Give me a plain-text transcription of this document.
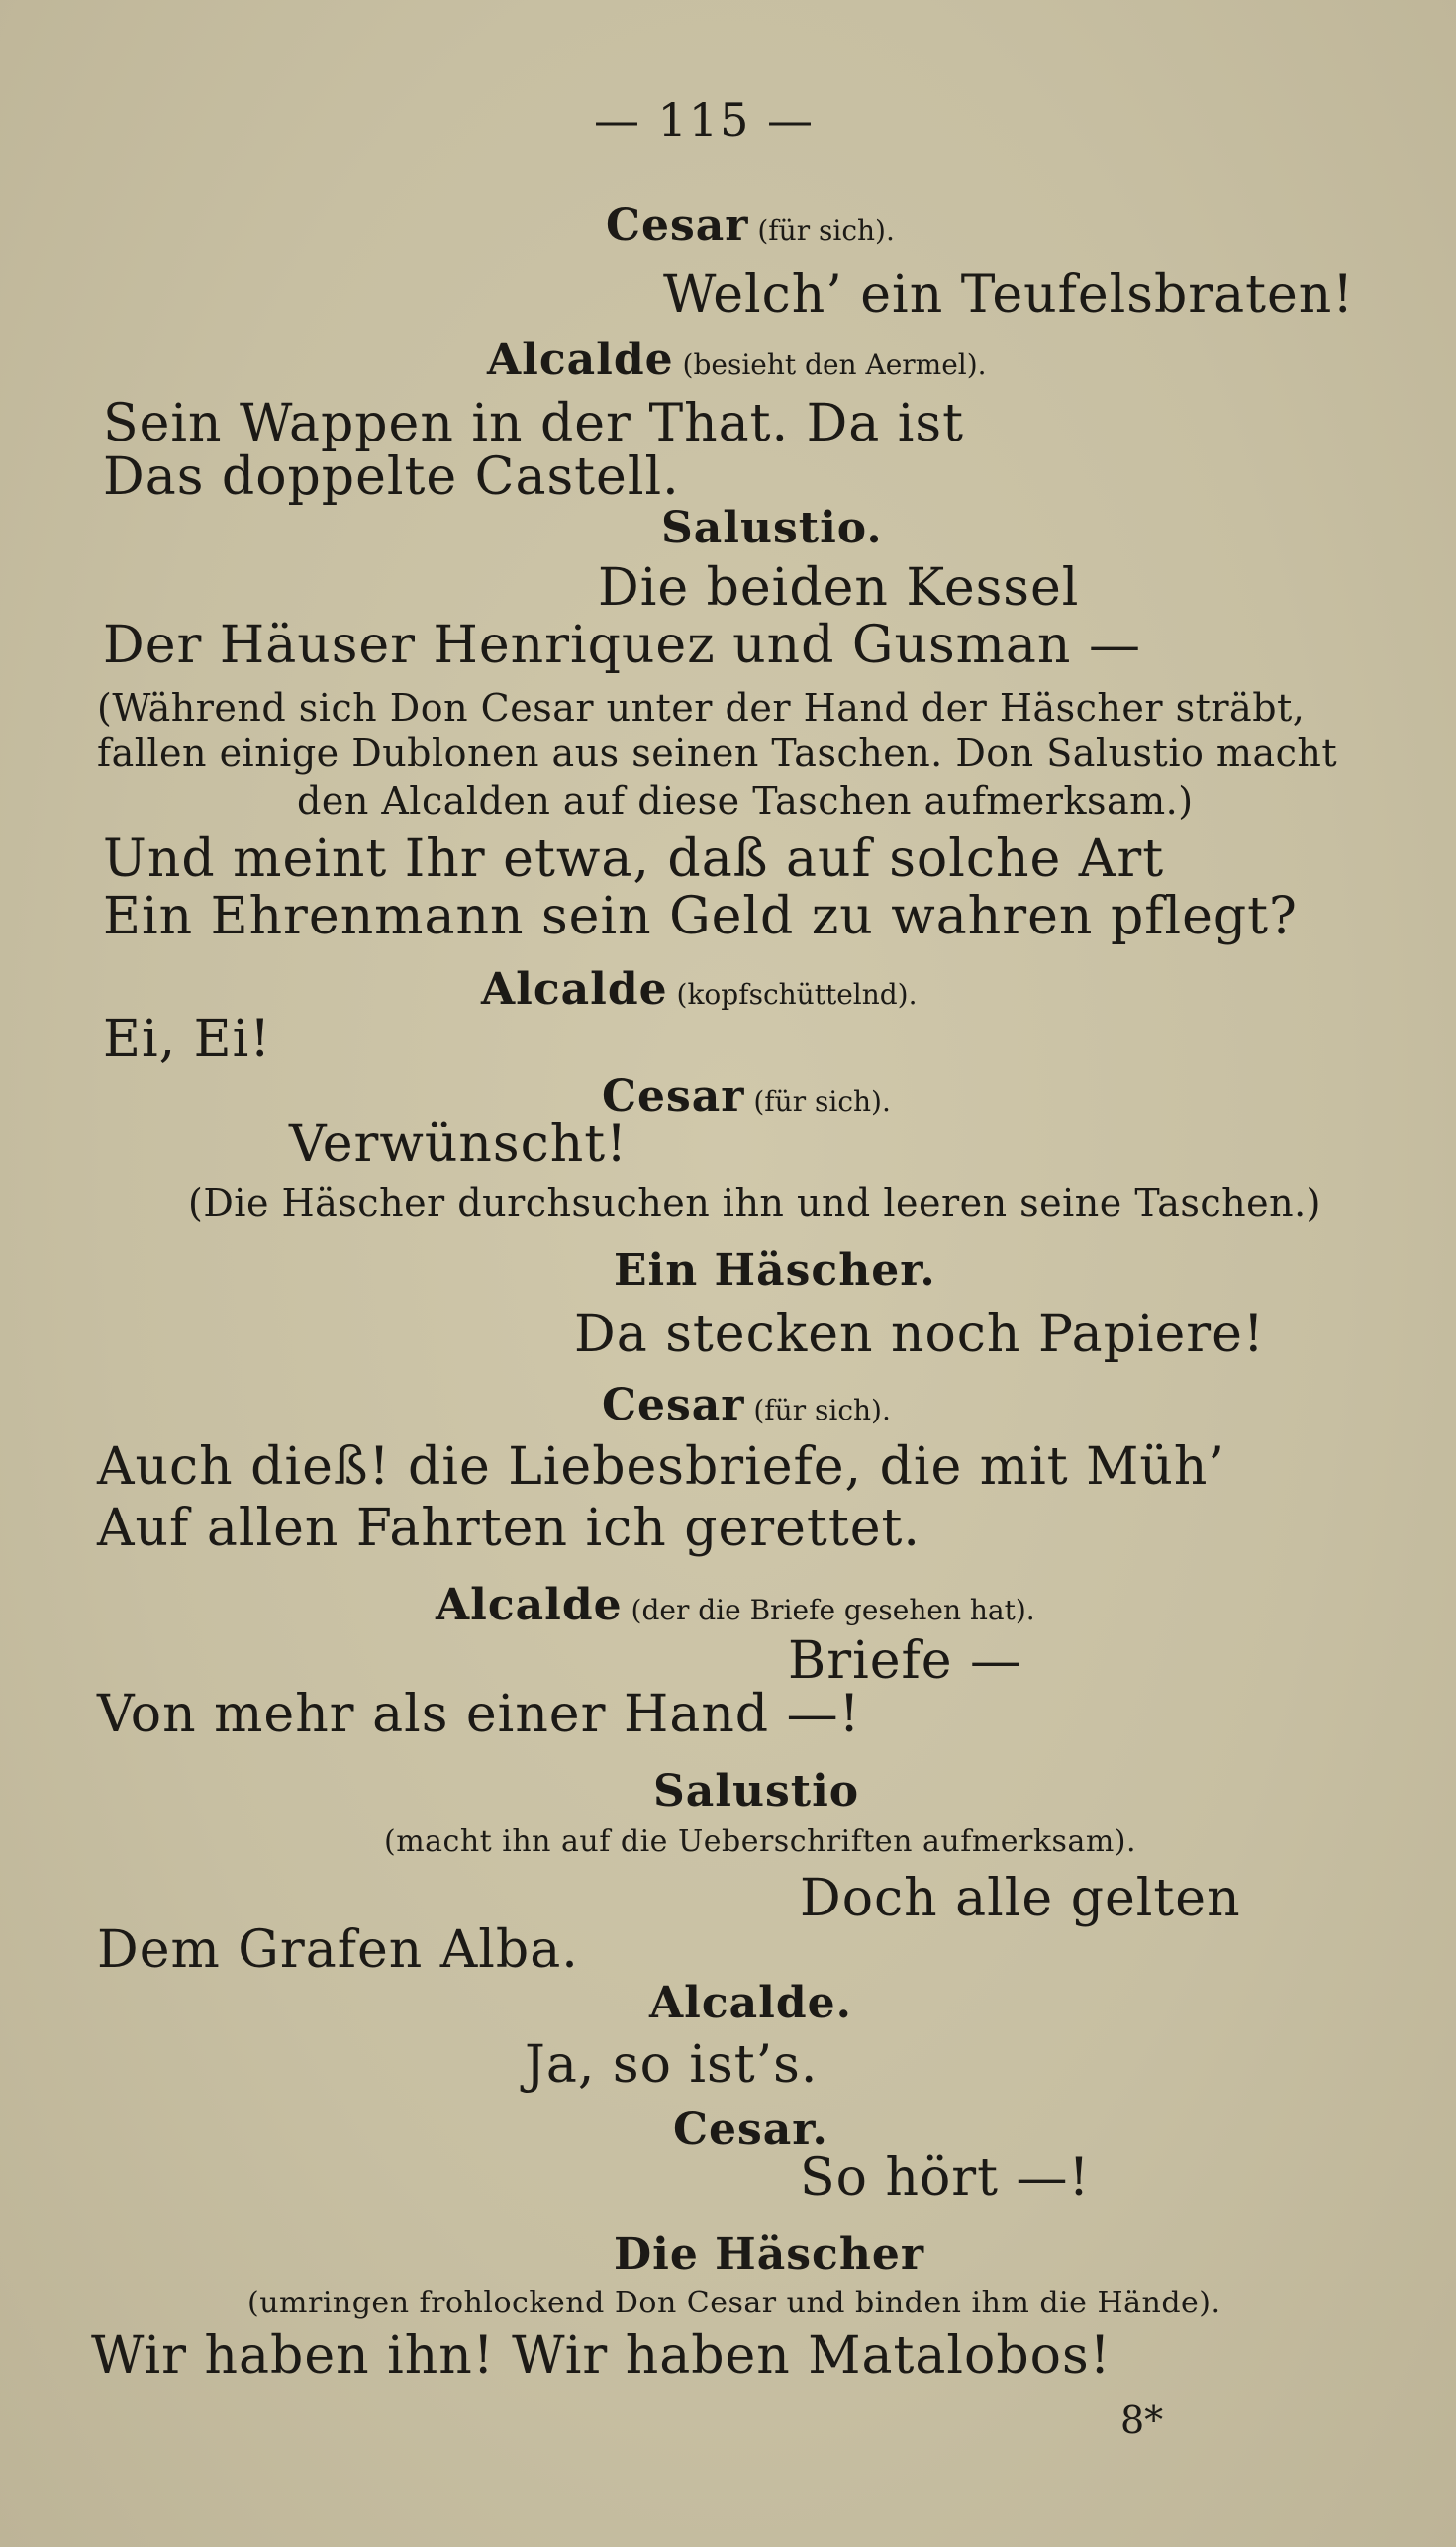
— 115 —
Cesar (für sich).
Welch’ ein Teufelsbraten!
Alcalde (besieht den Aermel).
Sein Wappen in der That. Da ist
Das doppelte Castell.
Salustio.
Die beiden Kessel
Der Häuser Henriquez und Gusman —
(Während sich Don Cesar unter der Hand der Häscher sträbt,
fallen einige Dublonen aus seinen Taschen. Don Salustio macht
den Alcalden auf diese Taschen aufmerksam.)
Und meint Ihr etwa, daß auf solche Art
Ein Ehrenmann sein Geld zu wahren pflegt?
Alcalde (kopfschüttelnd).
Ei, Ei!
Cesar (für sich).
Verwünscht!
(Die Häscher durchsuchen ihn und leeren seine Taschen.)
Ein Häscher.
Da stecken noch Papiere!
Cesar (für sich).
Auch dieß! die Liebesbriefe, die mit Müh’
Auf allen Fahrten ich gerettet.
Alcalde (der die Briefe gesehen hat).
Briefe —
Von mehr als einer Hand —!
Salustio
(macht ihn auf die Ueberschriften aufmerksam).
Doch alle gelten
Dem Grafen Alba.
Alcalde.
Ja, so ist’s.
Cesar.
So hört —!
Die Häscher
(umringen frohlockend Don Cesar und binden ihm die Hände).
Wir haben ihn! Wir haben Matalobos!
8*
